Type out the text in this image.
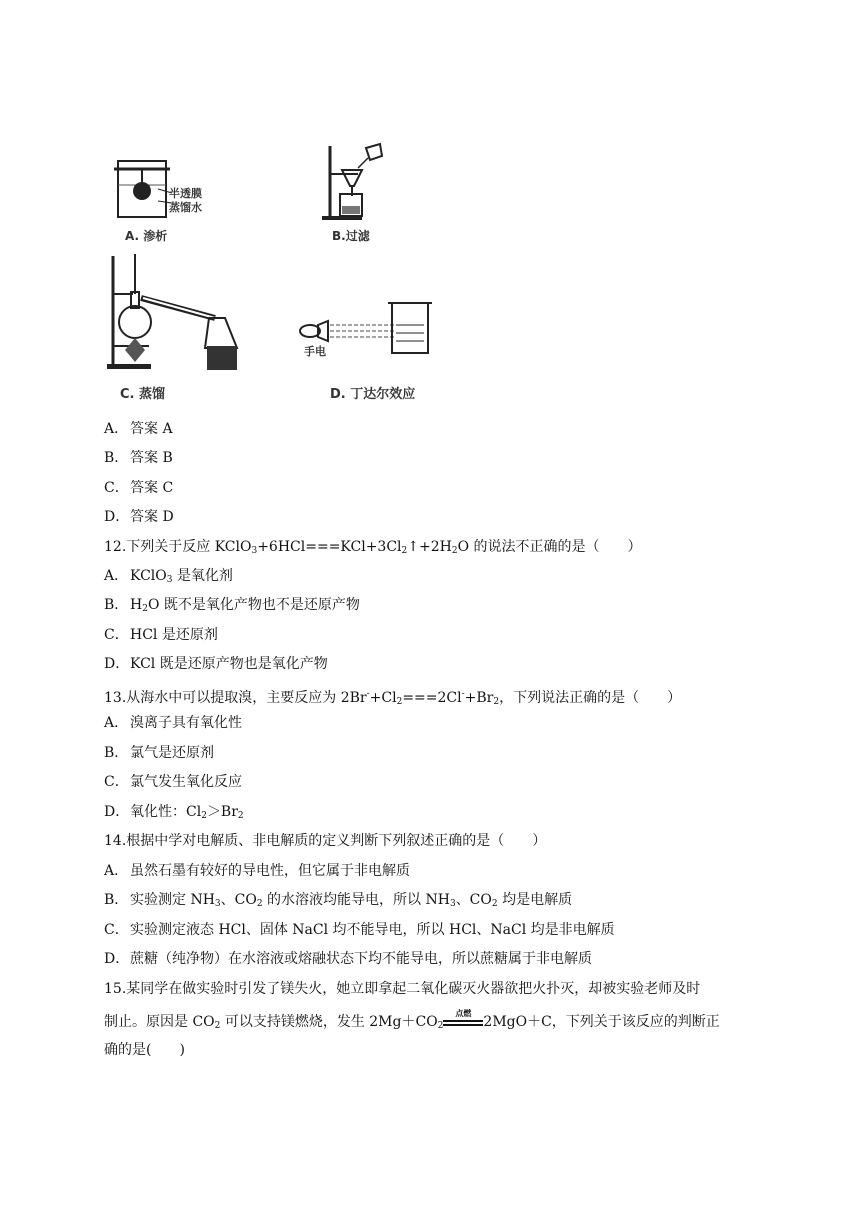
半透膜
蒸馏水
A. 渗析	B.过滤
C. 蒸馏
手电
D. 丁达尔效应
A． 答案 A
B． 答案 B
C．答案 C
D．答案 D
12.下列关于反应 $KClO_3+6HCl===KCl+3Cl_2↑+2H_2O$ 的说法不正确的是（　　）
A． KClO$_3$ 是氧化剂
B． $H_2O$ 既不是氧化产物也不是还原产物
C．HCl 是还原剂
D．KCl 既是还原产物也是氧化产物
13.从海水中可以提取溴，主要反应为 $2Br^-+Cl_2===2Cl^-+Br_2$，下列说法正确的是（　　）
A． 溴离子具有氧化性
B． 氯气是还原剂
C．氯气发生氧化反应
D．氧化性：$Cl_2>Br_2$
14.根据中学对电解质、非电解质的定义判断下列叙述正确的是（　　）
A． 虽然石墨有较好的导电性，但它属于非电解质
B． 实验测定 $NH_3$、$CO_2$ 的水溶液均能导电，所以 $NH_3$、$CO_2$ 均是电解质
C．实验测定液态 HCl、固体 NaCl 均不能导电，所以 HCl、NaCl 均是非电解质
D．蔗糖（纯净物）在水溶液或熔融状态下均不能导电，所以蔗糖属于非电解质
15.某同学在做实验时引发了镁失火，她立即拿起二氧化碳灭火器欲把火扑灭，却被实验老师及时
制止。原因是 $CO_2$ 可以支持镁燃烧，发生 $2Mg+CO_2$
点燃
2MgO＋C，下列关于该反应的判断正
确的是(　　)
